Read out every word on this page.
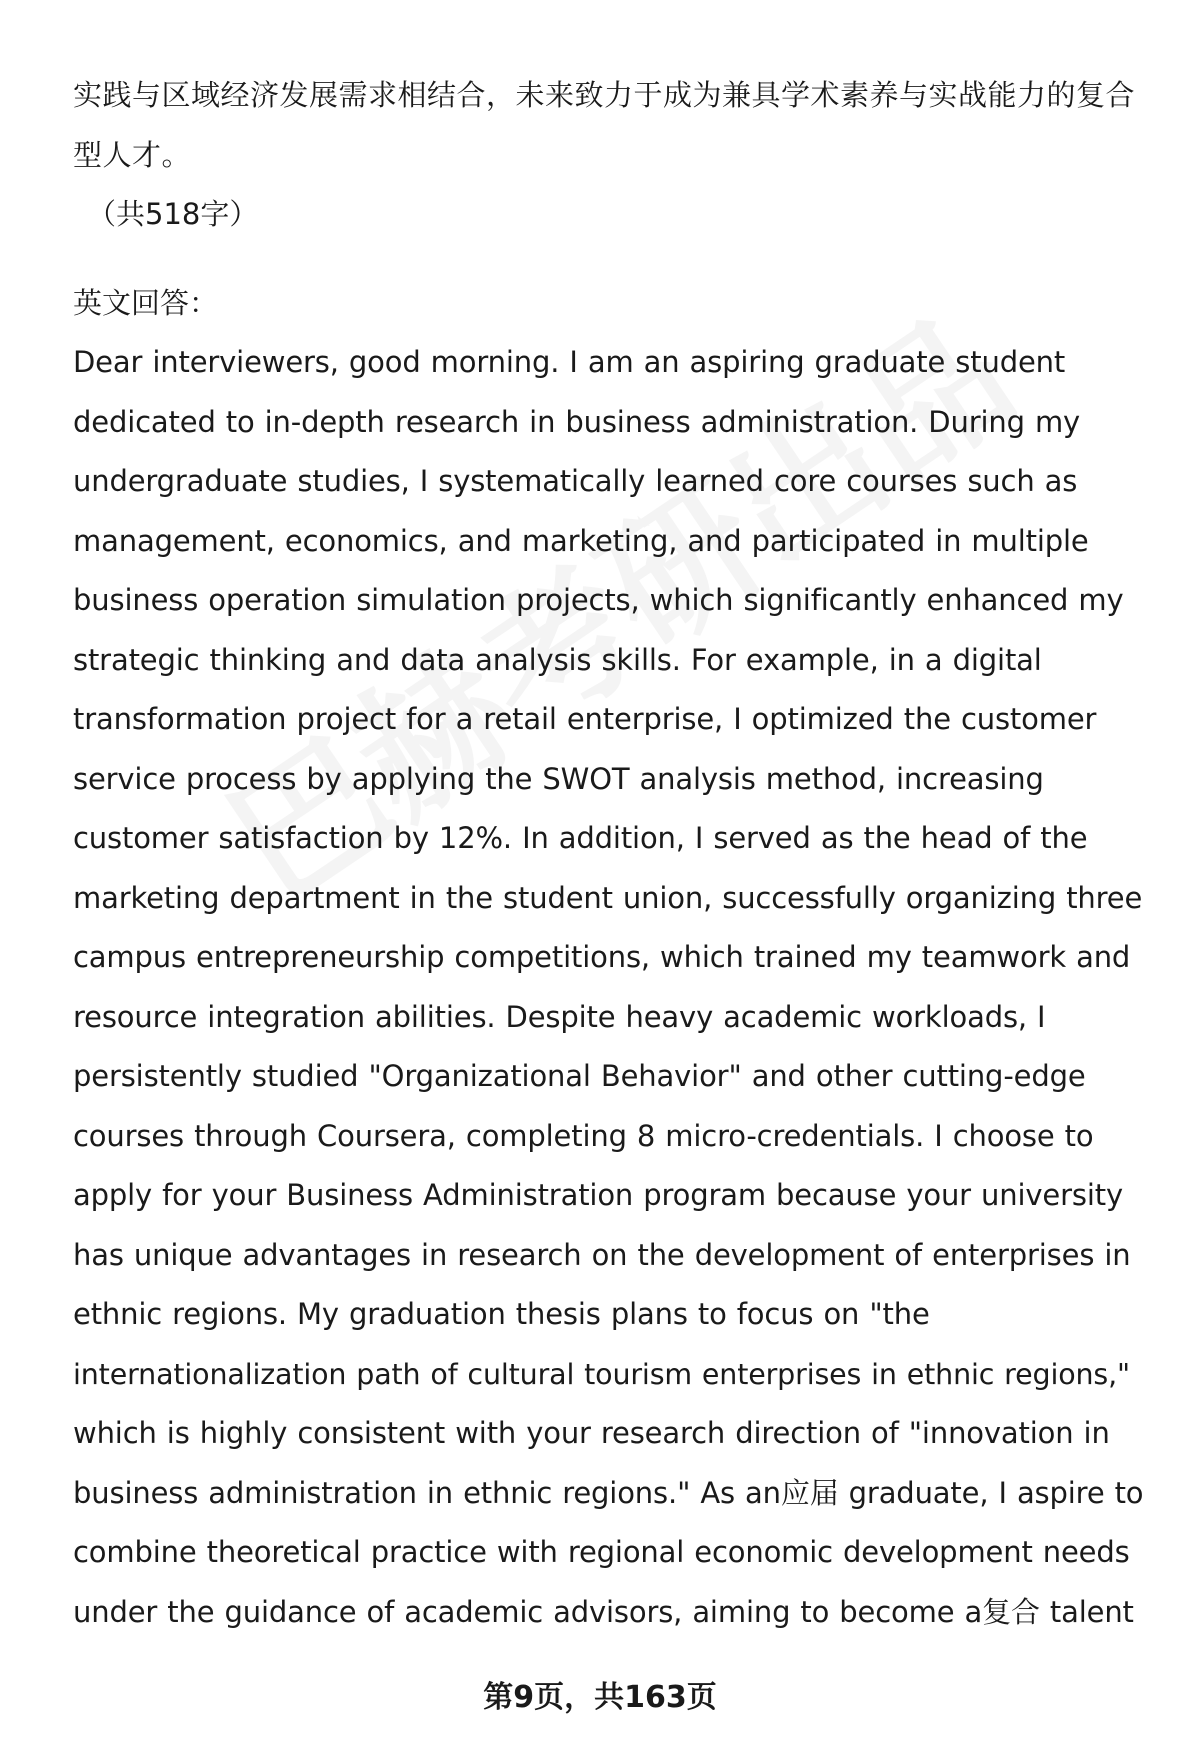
实践与区域经济发展需求相结合，未来致力于成为兼具学术素养与实战能力的复合
型人才。
（共518字）
英文回答：
Dear interviewers, good morning. I am an aspiring graduate student
dedicated to in-depth research in business administration. During my
undergraduate studies, I systematically learned core courses such as
management, economics, and marketing, and participated in multiple
business operation simulation projects, which significantly enhanced my
strategic thinking and data analysis skills. For example, in a digital
transformation project for a retail enterprise, I optimized the customer
service process by applying the SWOT analysis method, increasing
customer satisfaction by 12%. In addition, I served as the head of the
marketing department in the student union, successfully organizing three
campus entrepreneurship competitions, which trained my teamwork and
resource integration abilities. Despite heavy academic workloads, I
persistently studied "Organizational Behavior" and other cutting-edge
courses through Coursera, completing 8 micro-credentials. I choose to
apply for your Business Administration program because your university
has unique advantages in research on the development of enterprises in
ethnic regions. My graduation thesis plans to focus on "the
internationalization path of cultural tourism enterprises in ethnic regions,"
which is highly consistent with your research direction of "innovation in
business administration in ethnic regions." As an应届 graduate, I aspire to
combine theoretical practice with regional economic development needs
under the guidance of academic advisors, aiming to become a复合 talent
第9页，共163页
